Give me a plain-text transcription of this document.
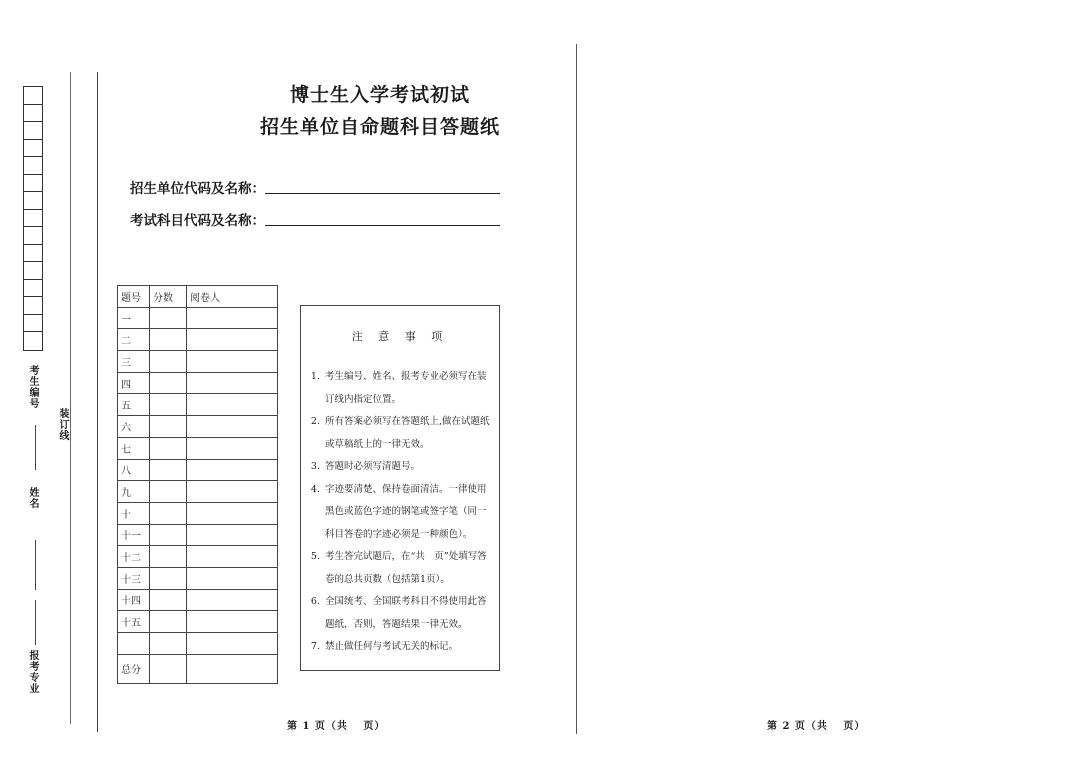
考生编号
姓名
报考专业
装订线
博士生入学考试初试
招生单位自命题科目答题纸
招生单位代码及名称：
考试科目代码及名称：
题号	分数	阅卷人
一		
二		
三		
四		
五		
六		
七		
八		
九		
十		
十一		
十二		
十三		
十四		
十五		

总分		
注 意 事 项
1. 考生编号、姓名、报考专业必须写在装订线内指定位置。
2. 所有答案必须写在答题纸上,做在试题纸或草稿纸上的一律无效。
3. 答题时必须写清题号。
4. 字迹要清楚、保持卷面清洁。一律使用黑色或蓝色字迹的钢笔或签字笔（同一科目答卷的字迹必须是一种颜色）。
5. 考生答完试题后，在“共　页”处填写答卷的总共页数（包括第1页）。
6. 全国统考、全国联考科目不得使用此答题纸，否则，答题结果一律无效。
7. 禁止做任何与考试无关的标记。
第 1 页（共　 页）	第 2 页（共　 页）
